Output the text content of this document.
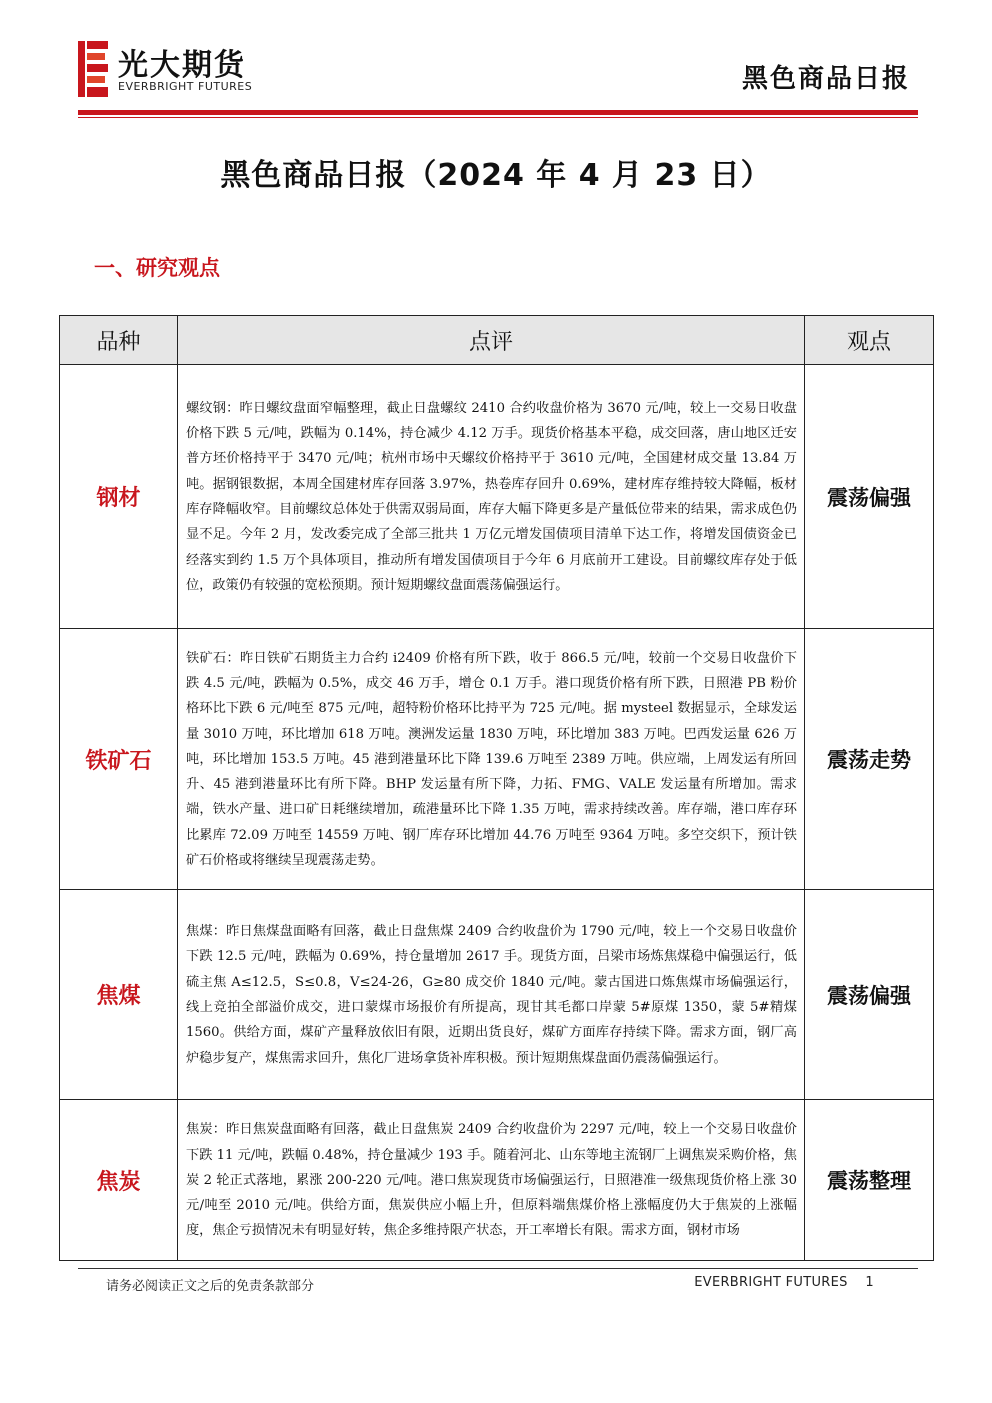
光大期货
EVERBRIGHT FUTURES	黑色商品日报
黑色商品日报（2024 年 4 月 23 日）
一、研究观点
品种	点评	观点
钢材	螺纹钢：昨日螺纹盘面窄幅整理，截止日盘螺纹 2410 合约收盘价格为 3670 元/吨，较上一交易日收盘价格下跌 5 元/吨，跌幅为 0.14%，持仓减少 4.12 万手。现货价格基本平稳，成交回落，唐山地区迁安普方坯价格持平于 3470 元/吨；杭州市场中天螺纹价格持平于 3610 元/吨，全国建材成交量 13.84 万吨。据钢银数据，本周全国建材库存回落 3.97%，热卷库存回升 0.69%，建材库存维持较大降幅，板材库存降幅收窄。目前螺纹总体处于供需双弱局面，库存大幅下降更多是产量低位带来的结果，需求成色仍显不足。今年 2 月，发改委完成了全部三批共 1 万亿元增发国债项目清单下达工作，将增发国债资金已经落实到约 1.5 万个具体项目，推动所有增发国债项目于今年 6 月底前开工建设。目前螺纹库存处于低位，政策仍有较强的宽松预期。预计短期螺纹盘面震荡偏强运行。	震荡偏强
铁矿石	铁矿石：昨日铁矿石期货主力合约 i2409 价格有所下跌，收于 866.5 元/吨，较前一个交易日收盘价下跌 4.5 元/吨，跌幅为 0.5%，成交 46 万手，增仓 0.1 万手。港口现货价格有所下跌，日照港 PB 粉价格环比下跌 6 元/吨至 875 元/吨，超特粉价格环比持平为 725 元/吨。据 mysteel 数据显示，全球发运量 3010 万吨，环比增加 618 万吨。澳洲发运量 1830 万吨，环比增加 383 万吨。巴西发运量 626 万吨，环比增加 153.5 万吨。45 港到港量环比下降 139.6 万吨至 2389 万吨。供应端，上周发运有所回升、45 港到港量环比有所下降。BHP 发运量有所下降，力拓、FMG、VALE 发运量有所增加。需求端，铁水产量、进口矿日耗继续增加，疏港量环比下降 1.35 万吨，需求持续改善。库存端，港口库存环比累库 72.09 万吨至 14559 万吨、钢厂库存环比增加 44.76 万吨至 9364 万吨。多空交织下，预计铁矿石价格或将继续呈现震荡走势。	震荡走势
焦煤	焦煤：昨日焦煤盘面略有回落，截止日盘焦煤 2409 合约收盘价为 1790 元/吨，较上一个交易日收盘价下跌 12.5 元/吨，跌幅为 0.69%，持仓量增加 2617 手。现货方面，吕梁市场炼焦煤稳中偏强运行，低硫主焦 A≤12.5，S≤0.8，V≤24-26，G≥80 成交价 1840 元/吨。蒙古国进口炼焦煤市场偏强运行，线上竞拍全部溢价成交，进口蒙煤市场报价有所提高，现甘其毛都口岸蒙 5#原煤 1350，蒙 5#精煤 1560。供给方面，煤矿产量释放依旧有限，近期出货良好，煤矿方面库存持续下降。需求方面，钢厂高炉稳步复产，煤焦需求回升，焦化厂进场拿货补库积极。预计短期焦煤盘面仍震荡偏强运行。	震荡偏强
焦炭	焦炭：昨日焦炭盘面略有回落，截止日盘焦炭 2409 合约收盘价为 2297 元/吨，较上一个交易日收盘价下跌 11 元/吨，跌幅 0.48%，持仓量减少 193 手。随着河北、山东等地主流钢厂上调焦炭采购价格，焦炭 2 轮正式落地，累涨 200-220 元/吨。港口焦炭现货市场偏强运行，日照港准一级焦现货价格上涨 30 元/吨至 2010 元/吨。供给方面，焦炭供应小幅上升，但原料端焦煤价格上涨幅度仍大于焦炭的上涨幅度，焦企亏损情况未有明显好转，焦企多维持限产状态，开工率增长有限。需求方面，钢材市场	震荡整理
请务必阅读正文之后的免责条款部分	EVERBRIGHT FUTURES 1
